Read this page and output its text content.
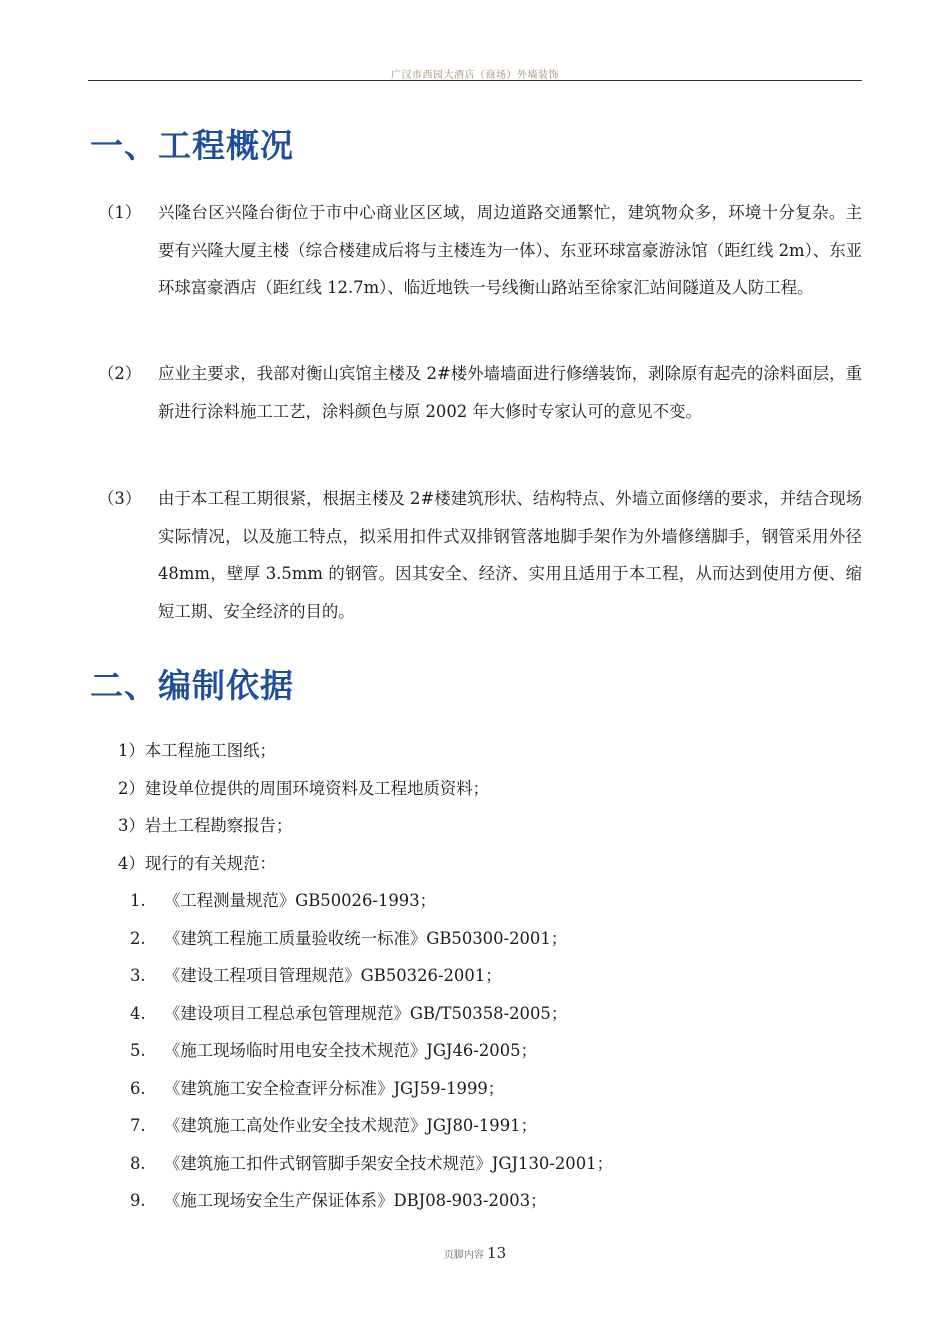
广汉市西园大酒店（商场）外墙装饰
一、工程概况
（1） 兴隆台区兴隆台街位于市中心商业区区域，周边道路交通繁忙，建筑物众多，环境十分复杂。主要有兴隆大厦主楼（综合楼建成后将与主楼连为一体）、东亚环球富豪游泳馆（距红线 2m）、东亚环球富豪酒店（距红线 12.7m）、临近地铁一号线衡山路站至徐家汇站间隧道及人防工程。
（2） 应业主要求，我部对衡山宾馆主楼及 2#楼外墙墙面进行修缮装饰，剥除原有起壳的涂料面层，重新进行涂料施工工艺，涂料颜色与原 2002 年大修时专家认可的意见不变。
（3） 由于本工程工期很紧，根据主楼及 2#楼建筑形状、结构特点、外墙立面修缮的要求，并结合现场实际情况，以及施工特点，拟采用扣件式双排钢管落地脚手架作为外墙修缮脚手，钢管采用外径 48mm，壁厚 3.5mm 的钢管。因其安全、经济、实用且适用于本工程，从而达到使用方便、缩短工期、安全经济的目的。
二、编制依据
1）本工程施工图纸；
2）建设单位提供的周围环境资料及工程地质资料；
3）岩土工程勘察报告；
4）现行的有关规范：
1. 《工程测量规范》GB50026-1993；
2. 《建筑工程施工质量验收统一标准》GB50300-2001；
3. 《建设工程项目管理规范》GB50326-2001；
4. 《建设项目工程总承包管理规范》GB/T50358-2005；
5. 《施工现场临时用电安全技术规范》JGJ46-2005；
6. 《建筑施工安全检查评分标准》JGJ59-1999；
7. 《建筑施工高处作业安全技术规范》JGJ80-1991；
8. 《建筑施工扣件式钢管脚手架安全技术规范》JGJ130-2001；
9. 《施工现场安全生产保证体系》DBJ08-903-2003；
页脚内容 13
